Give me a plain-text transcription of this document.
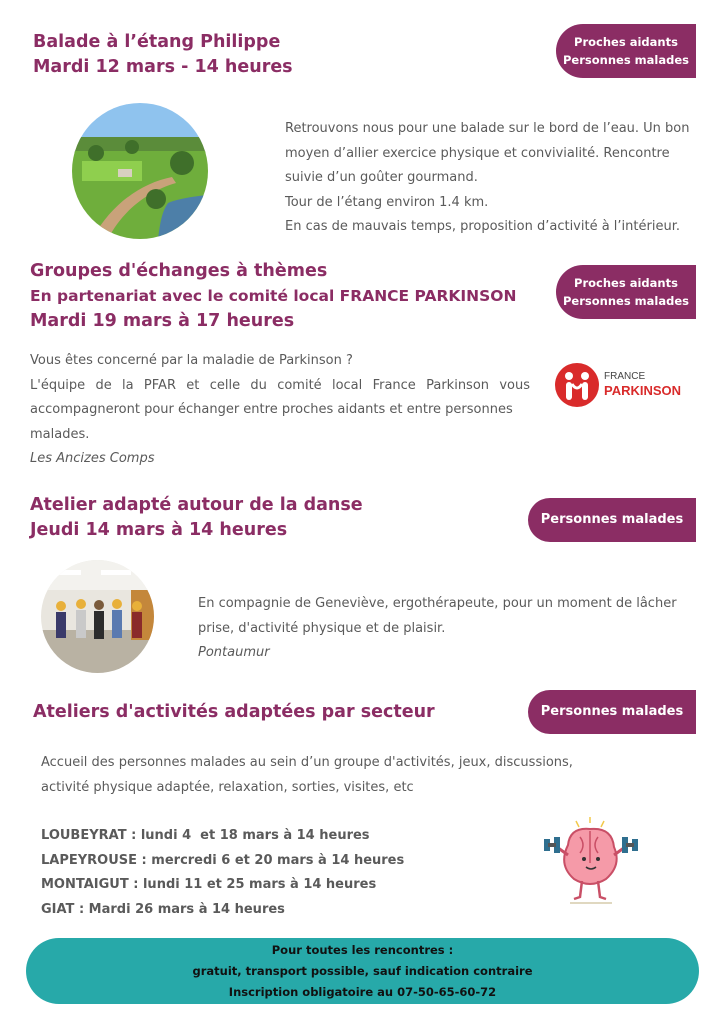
Balade à l’étang Philippe
Mardi 12 mars - 14 heures
Proches aidants
Personnes malades
Retrouvons nous pour une balade sur le bord de l’eau. Un bon
moyen d’allier exercice physique et convivialité. Rencontre
suivie d’un goûter gourmand.
Tour de l’étang environ 1.4 km.
En cas de mauvais temps, proposition d’activité à l’intérieur.
Groupes d'échanges à thèmes
En partenariat avec le comité local FRANCE PARKINSON
Mardi 19 mars à 17 heures
Proches aidants
Personnes malades
Vous êtes concerné par la maladie de Parkinson ?
L'équipe de la PFAR et celle du comité local France Parkinson vous
accompagneront pour échanger entre proches aidants et entre personnes
malades.
Les Ancizes Comps
FRANCE
PARKINSON
Atelier adapté autour de la danse
Jeudi 14 mars à 14 heures
Personnes malades
En compagnie de Geneviève, ergothérapeute, pour un moment de lâcher
prise, d'activité physique et de plaisir.
Pontaumur
Ateliers d'activités adaptées par secteur	Personnes malades
Accueil des personnes malades au sein d’un groupe d'activités, jeux, discussions,
activité physique adaptée, relaxation, sorties, visites, etc
LOUBEYRAT : lundi 4  et 18 mars à 14 heures
LAPEYROUSE : mercredi 6 et 20 mars à 14 heures
MONTAIGUT : lundi 11 et 25 mars à 14 heures
GIAT : Mardi 26 mars à 14 heures
Pour toutes les rencontres :
gratuit, transport possible, sauf indication contraire
Inscription obligatoire au 07-50-65-60-72
